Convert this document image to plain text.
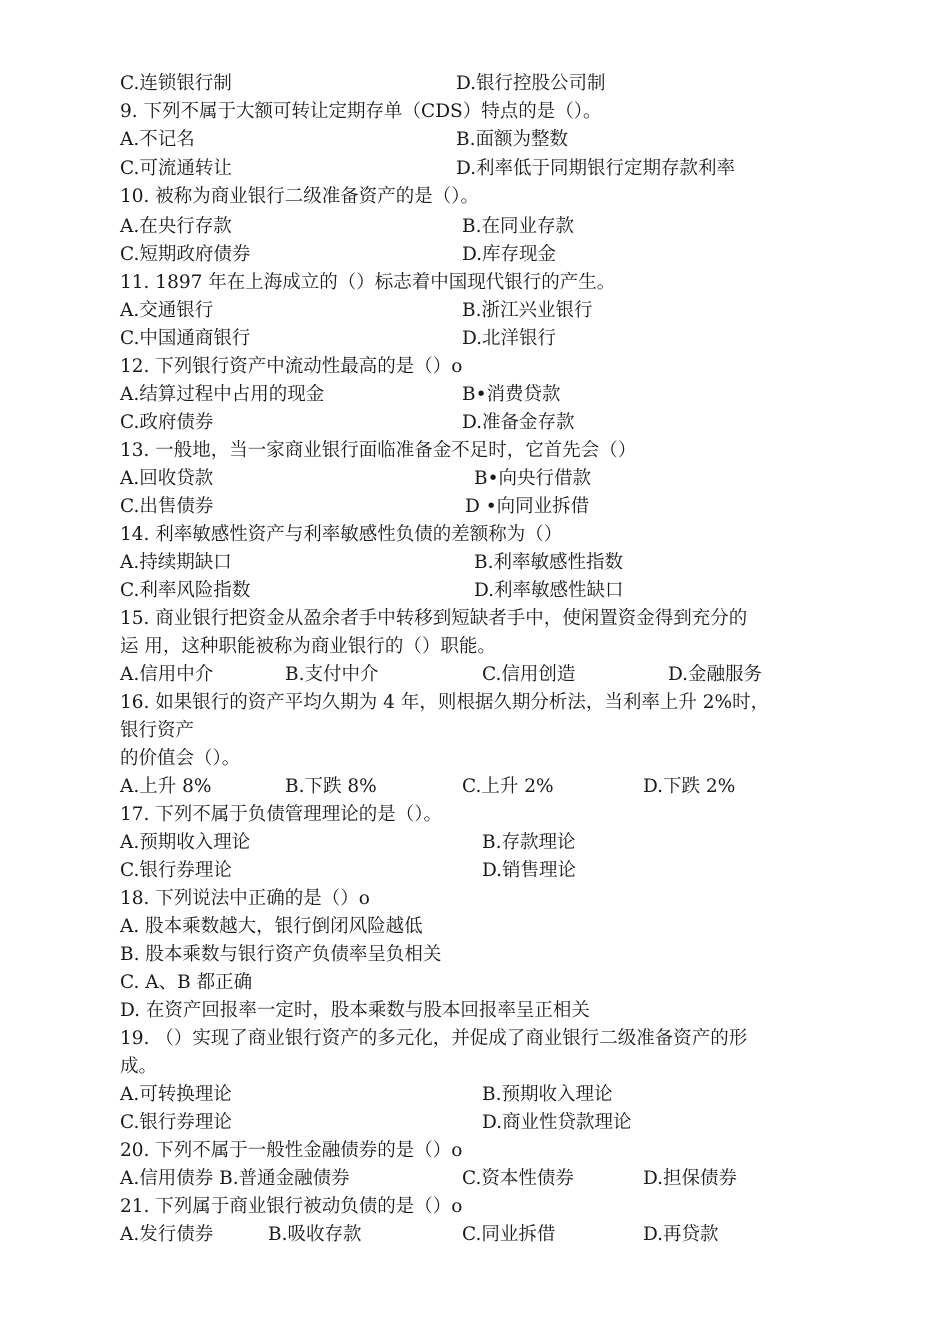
C.连锁银行制	D.银行控股公司制
9. 下列不属于大额可转让定期存单（CDS）特点的是（）。
A.不记名	B.面额为整数
C.可流通转让	D.利率低于同期银行定期存款利率
10. 被称为商业银行二级准备资产的是（）。
A.在央行存款	B.在同业存款
C.短期政府债券	D.库存现金
11. 1897 年在上海成立的（）标志着中国现代银行的产生。
A.交通银行	B.浙江兴业银行
C.中国通商银行	D.北洋银行
12. 下列银行资产中流动性最高的是（）o
A.结算过程中占用的现金	B•消费贷款
C.政府债券	D.准备金存款
13. 一般地，当一家商业银行面临准备金不足时，它首先会（）
A.回收贷款	B•向央行借款
C.出售债券	D •向同业拆借
14. 利率敏感性资产与利率敏感性负债的差额称为（）
A.持续期缺口	B.利率敏感性指数
C.利率风险指数	D.利率敏感性缺口
15. 商业银行把资金从盈余者手中转移到短缺者手中，使闲置资金得到充分的
运 用，这种职能被称为商业银行的（）职能。
A.信用中介	B.支付中介	C.信用创造	D.金融服务
16. 如果银行的资产平均久期为 4 年，则根据久期分析法，当利率上升 2%时，
银行资产
的价值会（）。
A.上升 8%	B.下跌 8%	C.上升 2%	D.下跌 2%
17. 下列不属于负债管理理论的是（）。
A.预期收入理论	B.存款理论
C.银行券理论	D.销售理论
18. 下列说法中正确的是（）o
A. 股本乘数越大，银行倒闭风险越低
B. 股本乘数与银行资产负债率呈负相关
C. A、B 都正确
D. 在资产回报率一定时，股本乘数与股本回报率呈正相关
19. （）实现了商业银行资产的多元化，并促成了商业银行二级准备资产的形
成。
A.可转换理论	B.预期收入理论
C.银行券理论	D.商业性贷款理论
20. 下列不属于一般性金融债券的是（）o
A.信用债券 B.普通金融债券	C.资本性债券	D.担保债券
21. 下列属于商业银行被动负债的是（）o
A.发行债券	B.吸收存款	C.同业拆借	D.再贷款
